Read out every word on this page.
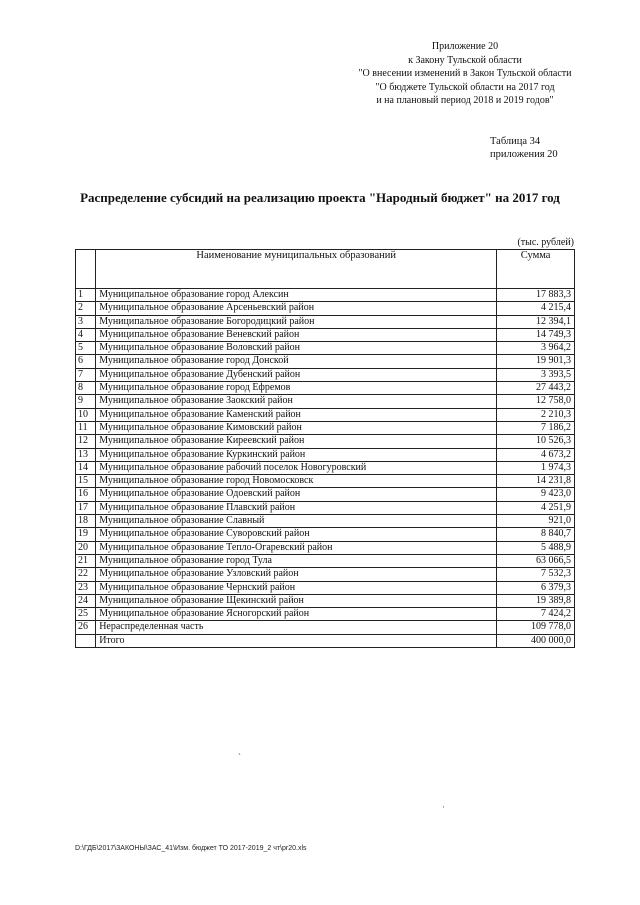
Приложение 20
к Закону Тульской области
"О внесении изменений в Закон Тульской области
"О бюджете Тульской области на 2017 год
и на плановый период 2018 и 2019 годов"
Таблица 34
приложения 20
Распределение субсидий на реализацию проекта "Народный бюджет" на 2017 год
(тыс. рублей)
	Наименование муниципальных образований	Сумма
1	Муниципальное образование город Алексин	17 883,3
2	Муниципальное образование Арсеньевский район	4 215,4
3	Муниципальное образование Богородицкий район	12 394,1
4	Муниципальное образование Веневский район	14 749,3
5	Муниципальное образование Воловский район	3 964,2
6	Муниципальное образование город Донской	19 901,3
7	Муниципальное образование Дубенский район	3 393,5
8	Муниципальное образование город Ефремов	27 443,2
9	Муниципальное образование Заокский район	12 758,0
10	Муниципальное образование Каменский район	2 210,3
11	Муниципальное образование Кимовский район	7 186,2
12	Муниципальное образование Киреевский район	10 526,3
13	Муниципальное образование Куркинский район	4 673,2
14	Муниципальное образование рабочий поселок Новогуровский	1 974,3
15	Муниципальное образование город Новомосковск	14 231,8
16	Муниципальное образование Одоевский район	9 423,0
17	Муниципальное образование Плавский район	4 251,9
18	Муниципальное образование Славный	921,0
19	Муниципальное образование Суворовский район	8 840,7
20	Муниципальное образование Тепло-Огаревский район	5 488,9
21	Муниципальное образование город Тула	63 066,5
22	Муниципальное образование Узловский район	7 532,3
23	Муниципальное образование Чернский район	6 379,3
24	Муниципальное образование Щекинский район	19 389,8
25	Муниципальное образование Ясногорский район	7 424,2
26	Нераспределенная часть	109 778,0
	Итого	400 000,0
`
·
D:\ГДБ\2017\ЗАКОНЫ\ЗАС_41\Изм. бюджет ТО 2017-2019_2 чт\pr20.xls
